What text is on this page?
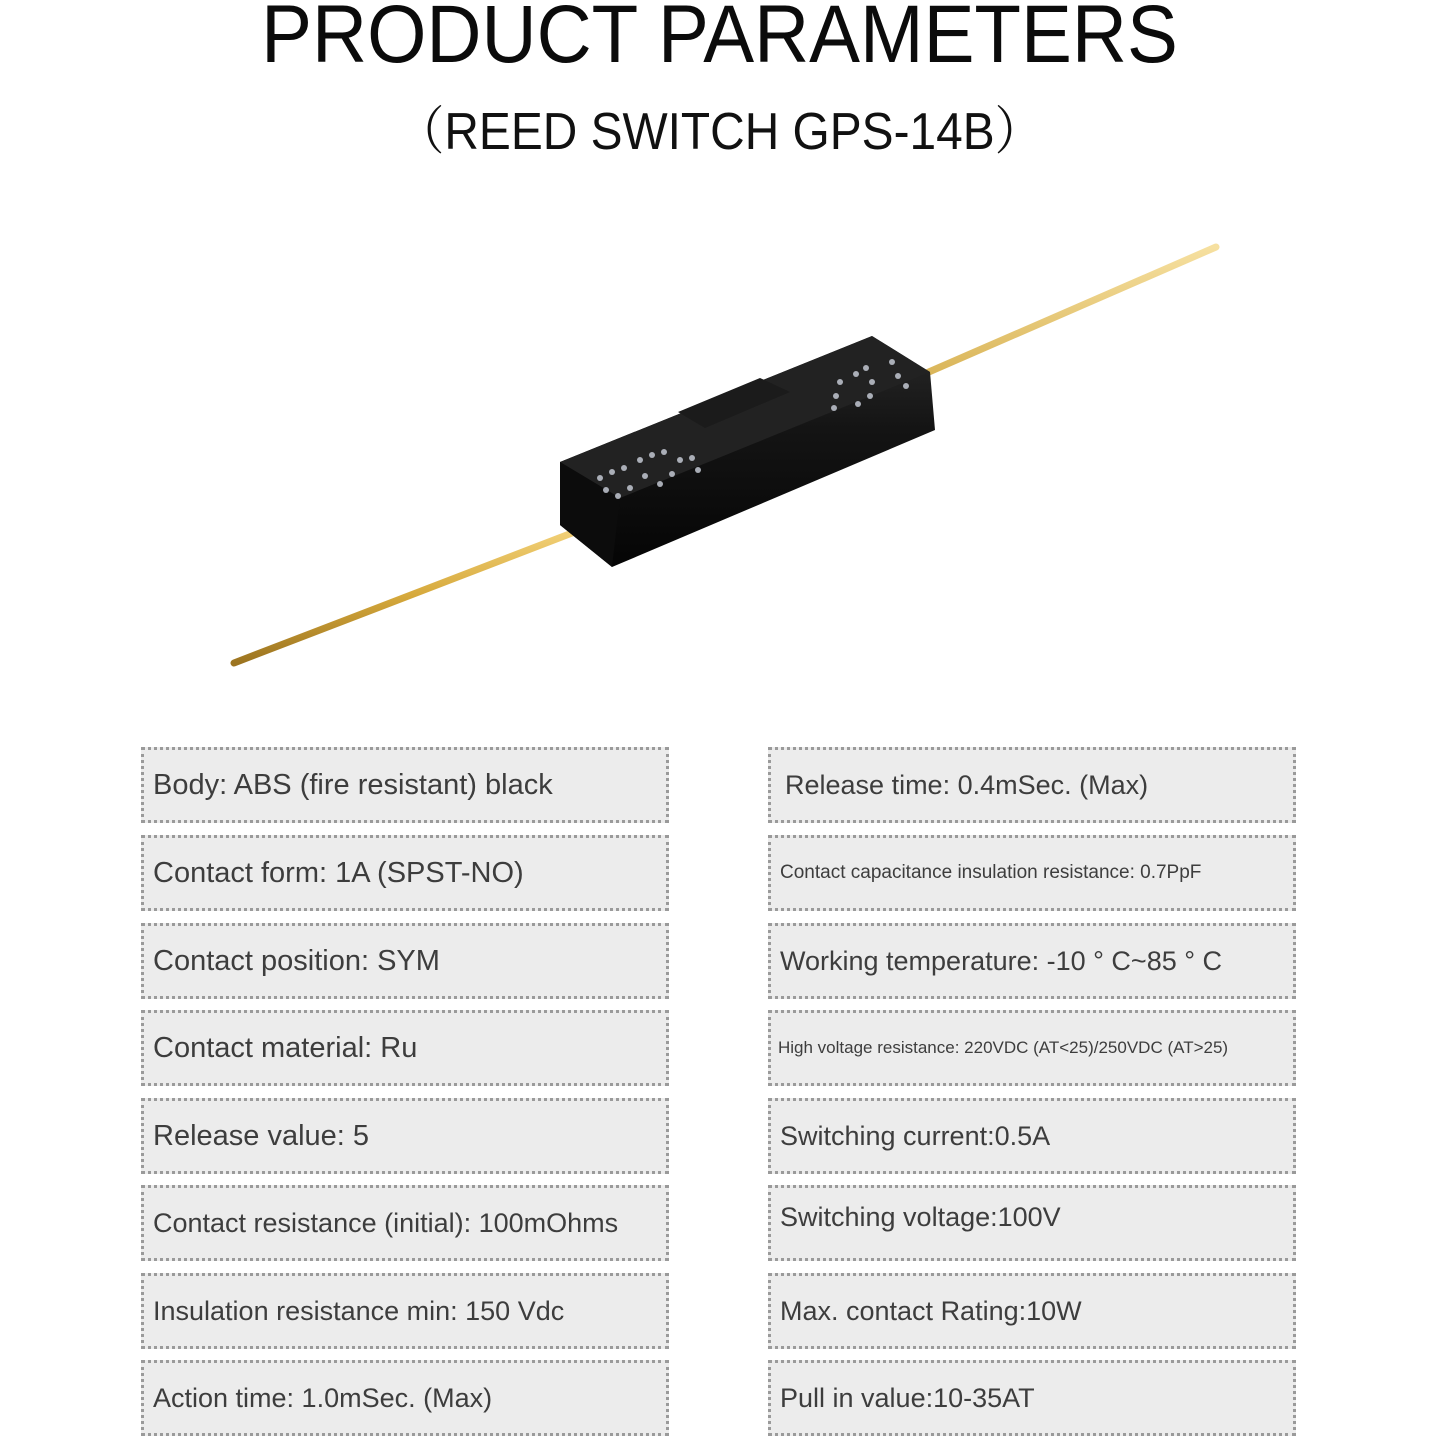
PRODUCT PARAMETERS
（REED SWITCH GPS-14B）
Body: ABS (fire resistant) black
Contact form: 1A (SPST-NO)
Contact position: SYM
Contact material: Ru
Release value: 5
Contact resistance (initial): 100mOhms
Insulation resistance min: 150 Vdc
Action time: 1.0mSec. (Max)
Release time: 0.4mSec. (Max)
Contact capacitance insulation resistance: 0.7PpF
Working temperature: -10 ° C~85 ° C
High voltage resistance: 220VDC (AT<25)/250VDC (AT>25)
Switching current:0.5A
Switching voltage:100V
Max. contact Rating:10W
Pull in value:10-35AT
